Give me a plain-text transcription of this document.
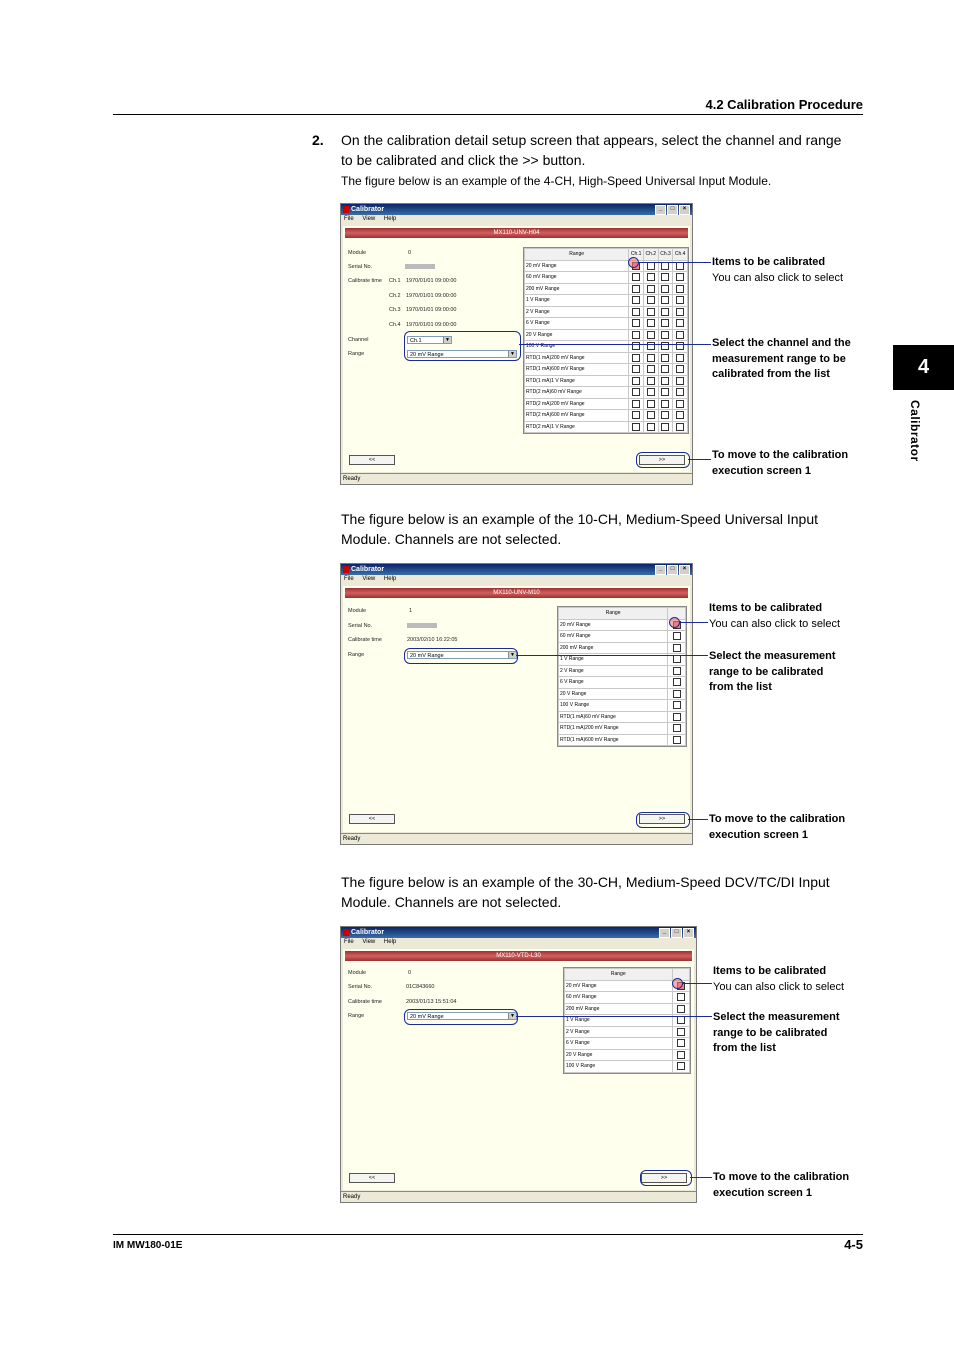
4.2 Calibration Procedure
2. On the calibration detail setup screen that appears, select the channel and range
to be calibrated and click the >> button.
The figure below is an example of the 4-CH, High-Speed Universal Input Module.
4
Calibrator
Calibrator	_ □ ×
File View Help
MX110-UNV-H04
Module	0
Serial No.
Calibrate time Ch.1 1970/01/01 09:00:00
Ch.2 1970/01/01 09:00:00
Ch.3 1970/01/01 09:00:00
Ch.4 1970/01/01 09:00:00
Channel	Ch.1	▼
Range	20 mV Range	▼
<<	>>
Range	Ch.1	Ch.2	Ch.3	Ch.4
20 mV Range				
60 mV Range				
200 mV Range				
1 V Range				
2 V Range				
6 V Range				
20 V Range				
100 V Range				
RTD(1 mA)200 mV Range				
RTD(1 mA)600 mV Range				
RTD(1 mA)1 V Range				
RTD(2 mA)60 mV Range				
RTD(2 mA)200 mV Range				
RTD(2 mA)600 mV Range				
RTD(2 mA)1 V Range				
Ready
Items to be calibrated
You can also click to select
Select the channel and the
measurement range to be
calibrated from the list
To move to the calibration
execution screen 1
The figure below is an example of the 10-CH, Medium-Speed Universal Input
Module. Channels are not selected.
Calibrator	_ □ ×
File View Help
MX110-UNV-M10
Module	1
Serial No.
Calibrate time	2003/02/10 16:22:05
Range	20 mV Range	▼
<<	>>
Range	
20 mV Range	
60 mV Range	
200 mV Range	
1 V Range	
2 V Range	
6 V Range	
20 V Range	
100 V Range	
RTD(1 mA)60 mV Range	
RTD(1 mA)200 mV Range	
RTD(1 mA)600 mV Range	
Ready
Items to be calibrated
You can also click to select
Select the measurement
range to be calibrated
from the list
To move to the calibration
execution screen 1
The figure below is an example of the 30-CH, Medium-Speed DCV/TC/DI Input
Module. Channels are not selected.
Calibrator	_ □ ×
File View Help
MX110-VTD-L30
Module	0
Serial No.	01C843660
Calibrate time	2003/01/13 15:51:04
Range	20 mV Range	▼
<<	>>
Range	
20 mV Range	
60 mV Range	
200 mV Range	
1 V Range	
2 V Range	
6 V Range	
20 V Range	
100 V Range	
Ready
Items to be calibrated
You can also click to select
Select the measurement
range to be calibrated
from the list
To move to the calibration
execution screen 1
IM MW180-01E	4-5
